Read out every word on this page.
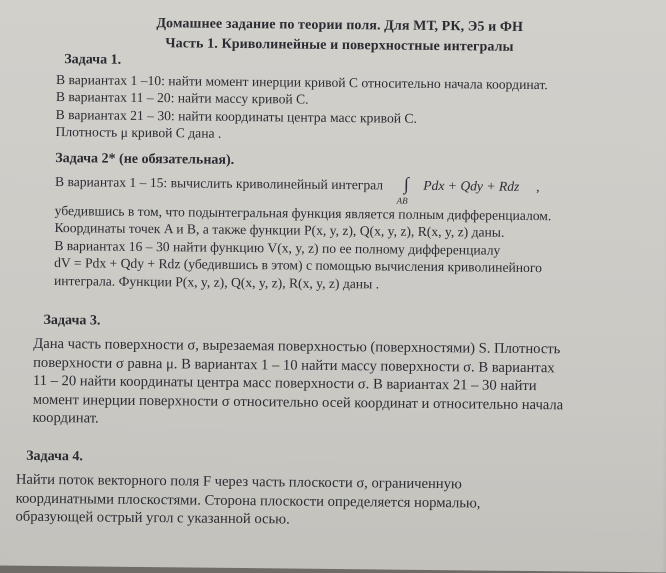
Домашнее задание по теории поля. Для МТ, РК, Э5 и ФН
Часть 1. Криволинейные и поверхностные интегралы
Задача 1.
В вариантах 1 –10: найти момент инерции кривой C относительно начала координат.
В вариантах 11 – 20: найти массу кривой C.
В вариантах 21 – 30: найти координаты центра масс кривой C.
Плотность μ кривой C дана .
Задача 2* (не обязательная).
В вариантах 1 – 15: вычислить криволинейный интеграл $\int_{AB}$ Pdx + Qdy + Rdz ,
убедившись в том, что подынтегральная функция является полным дифференциалом.
Координаты точек A и B, а также функции P(x, y, z), Q(x, y, z), R(x, y, z) даны.
В вариантах 16 – 30 найти функцию V(x, y, z) по ее полному дифференциалу
dV = Pdx + Qdy + Rdz (убедившись в этом) с помощью вычисления криволинейного
интеграла. Функции P(x, y, z), Q(x, y, z), R(x, y, z) даны .
Задача 3.
Дана часть поверхности σ, вырезаемая поверхностью (поверхностями) S. Плотность
поверхности σ равна μ. В вариантах 1 – 10 найти массу поверхности σ. В вариантах
11 – 20 найти координаты центра масс поверхности σ. В вариантах 21 – 30 найти
момент инерции поверхности σ относительно осей координат и относительно начала
координат.
Задача 4.
Найти поток векторного поля F через часть плоскости σ, ограниченную
координатными плоскостями. Сторона плоскости определяется нормалью,
образующей острый угол с указанной осью.
